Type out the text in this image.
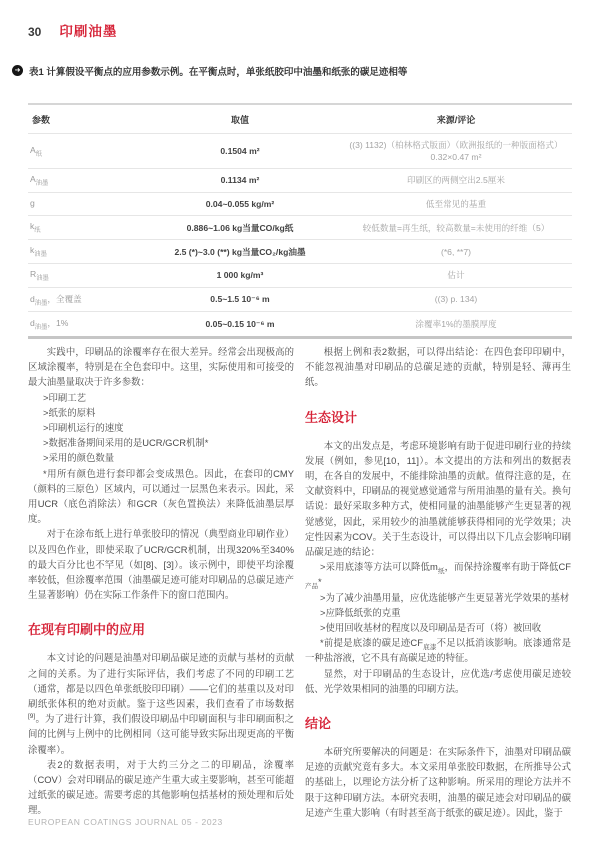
30 印刷油墨
➜ 表1 计算假设平衡点的应用参数示例。在平衡点时，单张纸胶印中油墨和纸张的碳足迹相等
参数	取值	来源/评论
$A_纸$	0.1504 m²	((3) 1132)（柏林格式版面）（欧洲报纸的一种版面格式）0.32×0.47 m²
$A_{油墨}$	0.1134 m²	印刷区的两侧空出2.5厘米
g	0.04~0.055 kg/m²	低至常见的基重
$k_纸$	0.886~1.06 kg当量CO/kg纸	较低数量=再生纸，较高数量=未使用的纤维（5）
$k_{油墨}$	2.5 (*)~3.0 (**) kg当量CO₂/kg油墨	(*6, **7)
$R_{油墨}$	1 000 kg/m³	估计
$d_{油墨}$，全覆盖	0.5~1.5 10⁻⁶ m	((3) p. 134)
$d_{油墨}$，1%	0.05~0.15 10⁻⁶ m	涂覆率1%的墨膜厚度

实践中，印刷品的涂覆率存在很大差异。经常会出现极高的区域涂覆率，特别是在全色套印中。这里，实际使用和可接受的最大油墨量取决于许多参数：

>印刷工艺

>纸张的原料

>印刷机运行的速度

>数据准备期间采用的是UCR/GCR机制*

>采用的颜色数量

*用所有颜色进行套印都会变成黑色。因此，在套印的CMY（颜料的三原色）区域内，可以通过一层黑色来表示。因此，采用UCR（底色消除法）和GCR（灰色置换法）来降低油墨层厚度。

对于在涂布纸上进行单张胶印的情况（典型商业印刷作业）以及四色作业，即使采取了UCR/GCR机制，出现320%至340%的最大百分比也不罕见（如[8]、[3]）。该示例中，即使平均涂覆率较低，但涂覆率范围（油墨碳足迹可能对印刷品的总碳足迹产生显著影响）仍在实际工作条件下的窗口范围内。

在现有印刷中的应用

本文讨论的问题是油墨对印刷品碳足迹的贡献与基材的贡献之间的关系。为了进行实际评估，我们考虑了不同的印刷工艺（通常，都是以四色单张纸胶印印刷）——它们的基重以及对印刷纸张体积的绝对贡献。鉴于这些因素，我们查看了市场数据[9]。为了进行计算，我们假设印刷品中印刷面积与非印刷面积之间的比例与上例中的比例相同（这可能导致实际出现更高的平衡涂覆率）。

表2的数据表明，对于大约三分之二的印刷品，涂覆率（COV）会对印刷品的碳足迹产生重大或主要影响，甚至可能超过纸张的碳足迹。需要考虑的其他影响包括基材的预处理和后处理。

根据上例和表2数据，可以得出结论：在四色套印印刷中，不能忽视油墨对印刷品的总碳足迹的贡献，特别是轻、薄再生纸。

生态设计

本文的出发点是，考虑环境影响有助于促进印刷行业的持续发展（例如，参见[10，11]）。本文提出的方法和列出的数据表明，在各自的发展中，不能排除油墨的贡献。值得注意的是，在文献资料中，印刷品的视觉感觉通常与所用油墨的量有关。换句话说：最好采取多种方式，使相同量的油墨能够产生更显著的视觉感觉，因此，采用较少的油墨就能够获得相同的光学效果；决定性因素为COV。关于生态设计，可以得出以下几点会影响印刷品碳足迹的结论：

>采用底漆等方法可以降低$m_纸$，而保持涂覆率有助于降低$CF_{产品}*$

>为了减少油墨用量，应优选能够产生更显著光学效果的基材

>应降低纸张的克重

>使用回收基材的程度以及印刷品是否可（将）被回收

*前提是底漆的碳足迹$CF_{底漆}$不足以抵消该影响。底漆通常是一种盐溶液，它不具有高碳足迹的特征。

显然，对于印刷品的生态设计，应优选/考虑使用碳足迹较低、光学效果相同的油墨的印刷方法。

结论

本研究所要解决的问题是：在实际条件下，油墨对印刷品碳足迹的贡献究竟有多大。本文采用单张胶印数据，在所推导公式的基础上，以理论方法分析了这种影响。所采用的理论方法并不限于这种印刷方法。本研究表明，油墨的碳足迹会对印刷品的碳足迹产生重大影响（有时甚至高于纸张的碳足迹）。因此，鉴于

EUROPEAN COATINGS JOURNAL 05 - 2023
